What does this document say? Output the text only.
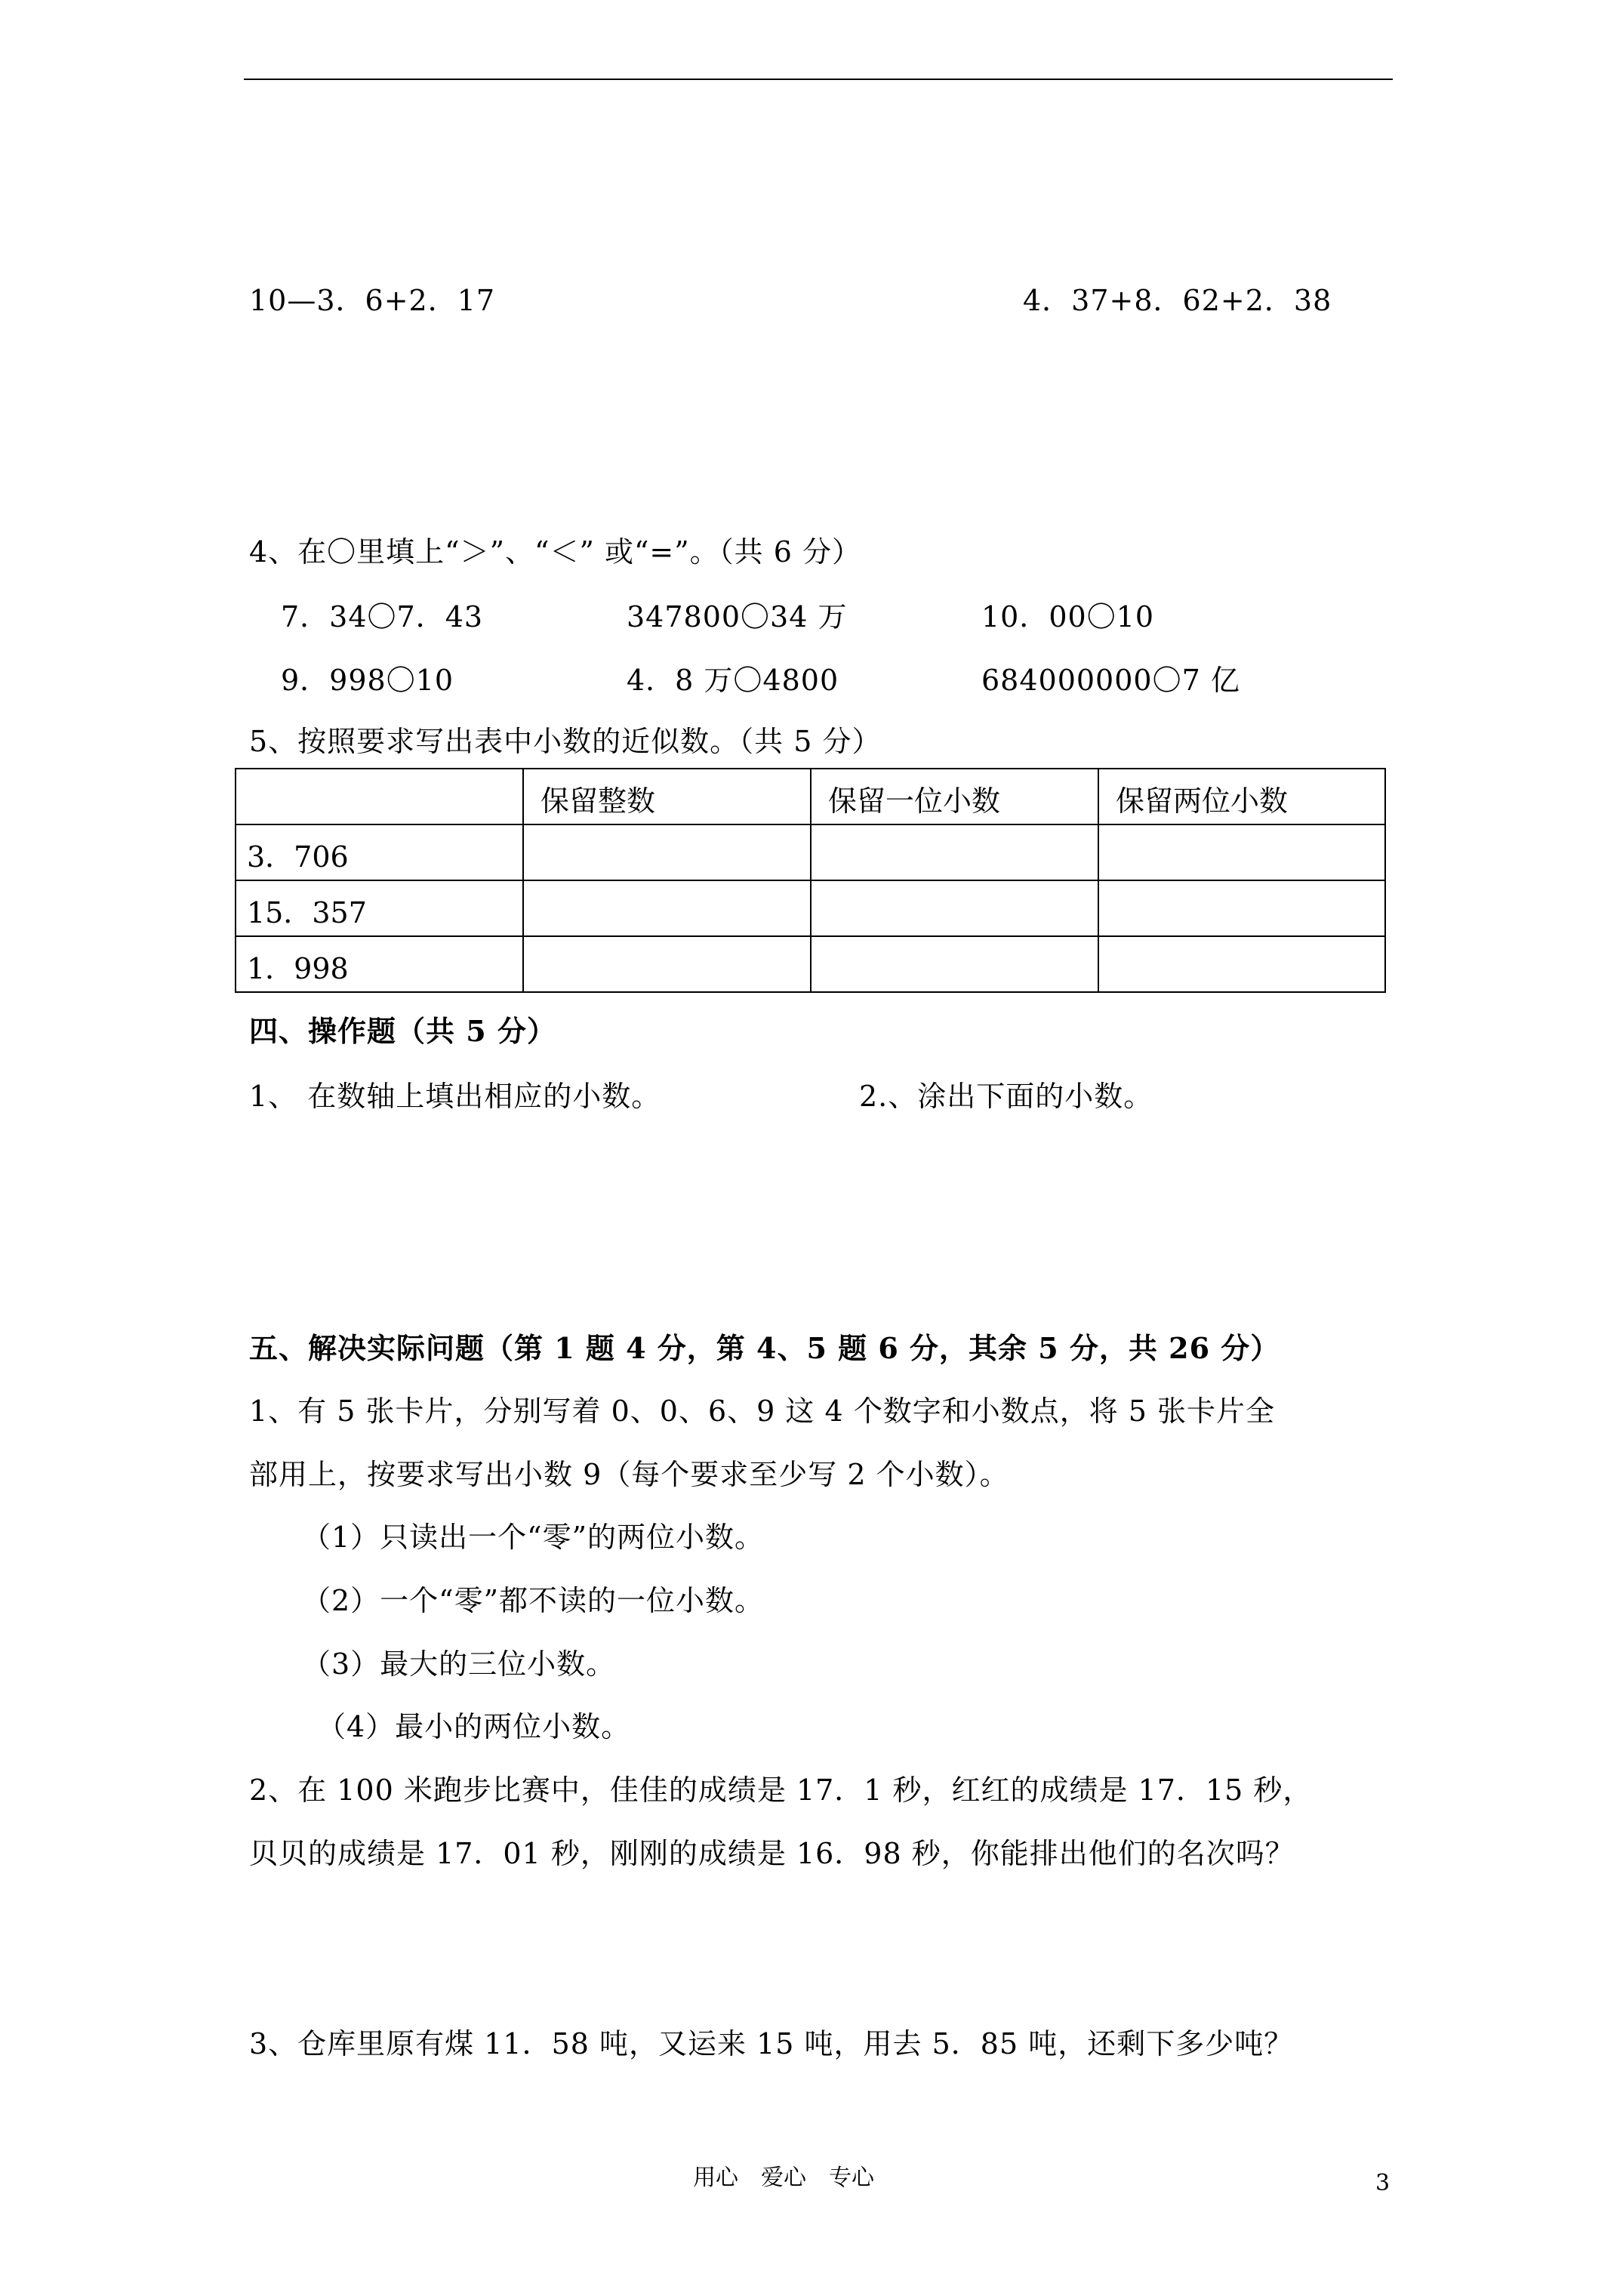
10—3．6+2．17	4．37+8．62+2．38
4、在〇里填上“＞”、“＜” 或“=”。（共 6 分）
7．34〇7．43	347800〇34 万	10．00〇10
9．998〇10	4．8 万〇4800	684000000〇7 亿
5、按照要求写出表中小数的近似数。（共 5 分）
	保留整数	保留一位小数	保留两位小数
3．706			
15．357			
1．998			
四、操作题（共 5 分）
1、 在数轴上填出相应的小数。	2.、涂出下面的小数。
五、解决实际问题（第 1 题 4 分，第 4、5 题 6 分，其余 5 分，共 26 分）
1、有 5 张卡片，分别写着 0、0、6、9 这 4 个数字和小数点，将 5 张卡片全
部用上，按要求写出小数 9（每个要求至少写 2 个小数）。
（1）只读出一个“零”的两位小数。
（2）一个“零”都不读的一位小数。
（3）最大的三位小数。
（4）最小的两位小数。
2、在 100 米跑步比赛中，佳佳的成绩是 17．1 秒，红红的成绩是 17．15 秒，
贝贝的成绩是 17．01 秒，刚刚的成绩是 16．98 秒，你能排出他们的名次吗？
3、仓库里原有煤 11．58 吨，又运来 15 吨，用去 5．85 吨，还剩下多少吨？
用心　爱心　专心	3
